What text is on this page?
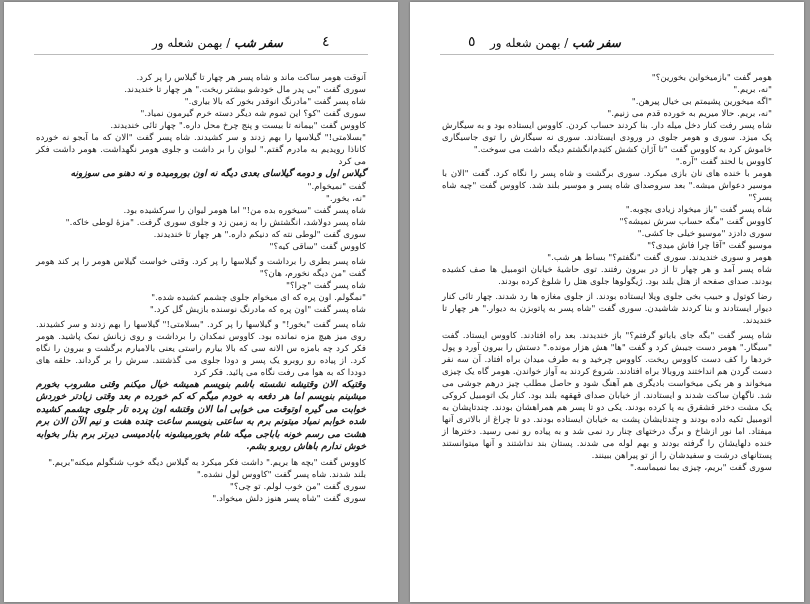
٤
سفر شب / بهمن شعله ور

آنوقت هومر ساکت ماند و شاه پسر هر چهار تا گیلاس را پر کرد.

سوری گفت "بی پدر مال خودشو بیشتر ریخت." هر چهار تا خندیدند.

شاه پسر گفت "مادرنگ انوقدر بخور که بالا بیاری."

سوری گفت "کو؟ این تموم شه دیگر دسته خرم گیرمون نمیاد."

کاووس گفت "بیمانه تا بیست و پنج چرخ محل داره." چهار تائی خندیدند.

"بسلامتی!" گیلاسها را بهم زدند و سر کشیدند. شاه پسر گفت "الان که ما آبجو نه خورده کاناذا رویدیم به مادرم گفتم." لیوان را بر داشت و جلوی هومر نگهداشت. هومر داشت فکر می کرد

گیلاس اول و دومه گیلاسای بعدی دیگه نه اون بورومیده و نه دهنو می سوزونه

گفت "نمیخوام."

"نه، بخور."

شاه پسر گفت "سیخوره بده من!" اما هومر لیوان را سرکشیده بود.

شاه پسر دولاشد، انگشتش را به زمین زد و جلوی سوری گرفت. "مزهٔ لوطی خاکه."

سوری گفت "لوطی نته که دنیکم داره." هر چهار تا خندیدند.

کاووس گفت "ساقی کیه؟"

شاه پسر بطری را برداشت و گیلاسها را پر کرد. وقتی خواست گیلاس هومر را پر کند هومر گفت "من دیگه نخورم، هان؟"

شاه پسر گفت "چرا؟"

"نمگولم. اون پره که ای میخوام جلوی چشمم کشیده شده."

شاه پسر گفت "اون پره که مادرنگ نوسنده بازیش گل کرد."

شاه پسر گفت "بخور!" و گیلاسها را پر کرد. "بسلامتی!" گیلاسها را بهم زدند و سر کشیدند. روی میز هیچ مزه نمانده بود. کاووس نمکدان را برداشت و روی زبانش نمک پاشید. هومر فکر کرد چه بامزه س الانه سی که بالا بیارم راستی یعنی بالامیارم برگشت و بیرون را نگاه کرد. از پیاده رو روبرو یک پسر و دودا جلوی می گذشتند. سرش را بر گرداند. حلقه های دوددا که به هوا می رفت نگاه می پائید. فکر کرد

وقتیکه الان وقتیشه نشسته باشم بنویسم همیشه خیال میکنم وقتی مشروب بخورم میشینم بنویسم اما هر دفعه به خودم میگم که کم خورده م بعد وقتی زیادتر خوردش خوابت می گیره اوتوقت می خوابی اما الان وقتشه اون پرده تار جلوی چشمم کشیده شده خوابم نمیاد میتونم برم به ساعتی بنویسم ساعت چنده هفت و نیم الآن الان برم هشت می رسم خونه باباجی میگه شام بخورمیشونه بابادمیسی دیرتر برم بذار بخوابه خوش ندارم باهاش روبرو بشم.

کاووس گفت "بچه ها بریم." داشت فکر میکرد به گیلاس دیگه خوب شنگولم میکنه"بریم."

بلند شدند. شاه پسر گفت "کاووس لول نشده."

سوری گفت "من خوب لولم. تو چی؟"

سوری گفت "شاه پسر هنوز دلش میخواد."

٥	سفر شب / بهمن شعله ور

هومر گفت "بازمیخواین بخورین؟"

"نه، بریم."

"اگه میخورین پشیمتم بی خیال پیرهن."

"نه، بریم. حالا میریم به خورده قدم می زنیم."

شاه پسر رفت کنار دخل میله دار. بنا کردند حساب کردن. کاووس ایستاده بود و به سیگارش پک میزد. سوری و هومر جلوی در ورودی ایستادند. سوری نه سیگارش را توی جاسیگاری خاموش کرد به کاووس گفت "تا آژان کشش کثیدم‌انگشتم دیگه داشت می سوخت."

کاووس با لحند گفت "آره."

هومر با خنده های نان بازی میکرد. سوری برگشت و شاه پسر را نگاه کرد. گفت "الان با موسیر دعواش میشه." بعد سروصدای شاه پسر و موسیر بلند شد. کاووس گفت "چیه شاه پسر؟"

شاه پسر گفت "باز میخواد زیادی بچوبه."

کاووس گفت "مگه حساب سرش نمیشه؟"

سوری دادزد "موسیو خیلی جا کشی."

موسیو گفت "آقا چرا فاش میدی؟"

هومر و سوری خندیدند. سوری گفت "نگفتم؟" بساط هر شب."

شاه پسر آمد و هر چهار تا از در بیرون رفتند. توی حاشیهٔ خیابان اتومبیل ها صف کشیده بودند. صدای صفحه از هتل بلند بود. ژیگولوها جلوی هتل را شلوغ کرده بودند.

رضا کوتول و حبیب بخی جلوی ویلا ایستاده بودند. از جلوی مغازه ها رد شدند. چهار تائی کنار دیوار ایستادند و بنا کردند شاشیدن. سوری گفت "شاه پسر به پاتوبزن به دیوار." هر چهار تا خندیدند.

شاه پسر گفت "بگه جای باباتو گرفتم؟" باز خندیدند. بعد راه افتادند. کاووس ایستاد. گفت "سیگار." هومر دست جیبش کرد و گفت "ها" هش هزار مونده." دستش را بیرون آورد و پول خردها را کف دست کاووس ریخت. کاووس چرخید و به طرف میدان براه افتاد. آن سه نفر دست گردن هم انداختند وروبالا براه افتادند. شروع کردند به آواز خواندن. هومر گاه یک چیزی میخواند و هر یکی میخواست بادیگری هم آهنگ شود و حاصل مطلب چیز درهم جوشی می شد. ناگهان ساکت شدند و ایستادند. از خیابان صدای قهقهه بلند بود. کنار یک اتومبیل کروکی یک مشت دختر قشقرق به پا کرده بودند. یکی دو تا پسر هم همراهشان بودند. چندتاپشان به اتومبیل تکیه داده بودند و چندتایشان پشت به خیابان ایستاده بودند. دو تا چراغ از بالاتری آنها میفتاد. اما نور ازشاخ و برگ درختهای چنار رد نمی شد و به پیاده رو نمی رسید. دخترها از خنده دلهایشان را گرفته بودند و بهم لوله می شدند. پستان بند نداشتند و آنها میتوانستند پستانهای درشت و سفیدشان را از تو پیراهن ببینند.

سوری گفت "بریم، چیزی بما نمیماسه."
